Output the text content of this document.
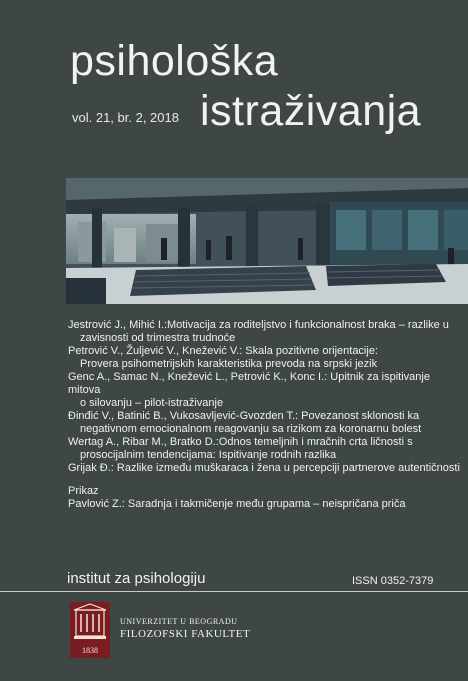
psihološka
vol. 21, br. 2, 2018 istraživanja
Jestrović J., Mihić I.:Motivacija za roditeljstvo i funkcionalnost braka – razlike u
zavisnosti od trimestra trudnoće
Petrović V., Žuljević V., Knežević V.: Skala pozitivne orijentacije:
Provera psihometrijskih karakteristika prevoda na srpski jezik
Genc A., Samac N., Knežević L., Petrović K., Konc I.: Upitnik za ispitivanje mitova
o silovanju – pilot-istraživanje
Đinđić V., Batinić B., Vukosavljević-Gvozden T.: Povezanost sklonosti ka
negativnom emocionalnom reagovanju sa rizikom za koronarnu bolest
Wertag A., Ribar M., Bratko D.:Odnos temeljnih i mračnih crta ličnosti s
prosocijalnim tendencijama: Ispitivanje rodnih razlika
Grijak Đ.: Razlike između muškaraca i žena u percepciji partnerove autentičnosti
Prikaz
Pavlović Z.: Saradnja i takmičenje među grupama – neispričana priča
institut za psihologiju	ISSN 0352-7379
1838
UNIVERZITET U BEOGRADU
FILOZOFSKI FAKULTET
